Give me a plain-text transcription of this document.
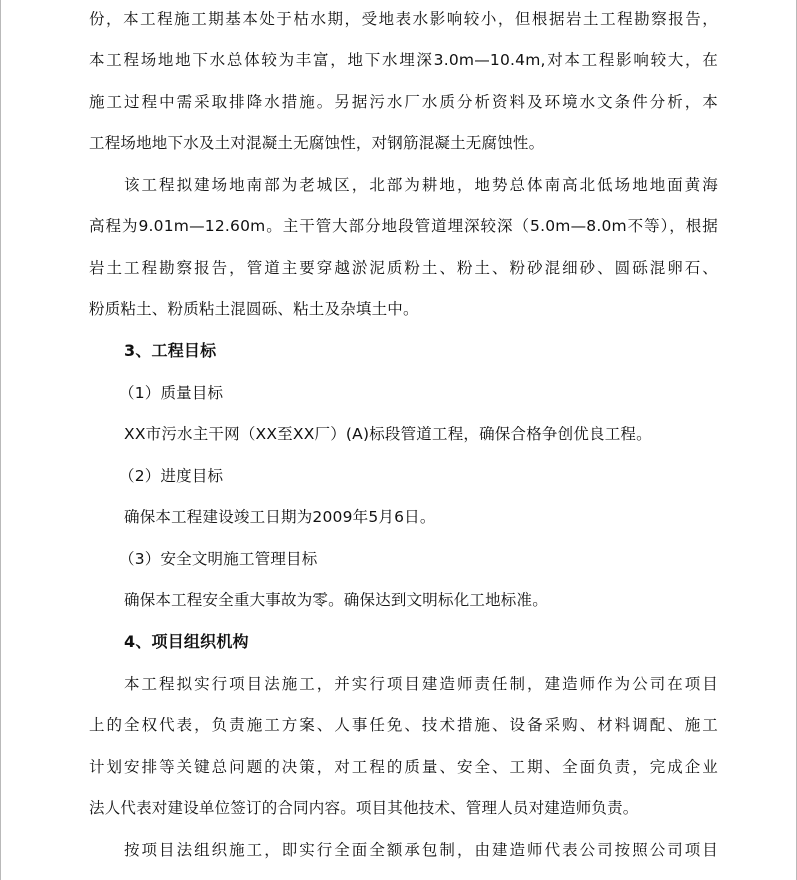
份，本工程施工期基本处于枯水期，受地表水影响较小，但根据岩土工程勘察报告，

本工程场地地下水总体较为丰富，地下水埋深3.0m—10.4m,对本工程影响较大，在

施工过程中需采取排降水措施。另据污水厂水质分析资料及环境水文条件分析，本

工程场地地下水及土对混凝土无腐蚀性，对钢筋混凝土无腐蚀性。

该工程拟建场地南部为老城区，北部为耕地，地势总体南高北低场地地面黄海

高程为9.01m—12.60m。主干管大部分地段管道埋深较深（5.0m—8.0m不等），根据

岩土工程勘察报告，管道主要穿越淤泥质粉土、粉土、粉砂混细砂、圆砾混卵石、

粉质粘土、粉质粘土混圆砾、粘土及杂填土中。

3、工程目标

（1）质量目标

XX市污水主干网（XX至XX厂）(A)标段管道工程，确保合格争创优良工程。

（2）进度目标

确保本工程建设竣工日期为2009年5月6日。

（3）安全文明施工管理目标

确保本工程安全重大事故为零。确保达到文明标化工地标准。

4、项目组织机构

本工程拟实行项目法施工，并实行项目建造师责任制，建造师作为公司在项目

上的全权代表，负责施工方案、人事任免、技术措施、设备采购、材料调配、施工

计划安排等关键总问题的决策，对工程的质量、安全、工期、全面负责，完成企业

法人代表对建设单位签订的合同内容。项目其他技术、管理人员对建造师负责。

按项目法组织施工，即实行全面全额承包制，由建造师代表公司按照公司项目
